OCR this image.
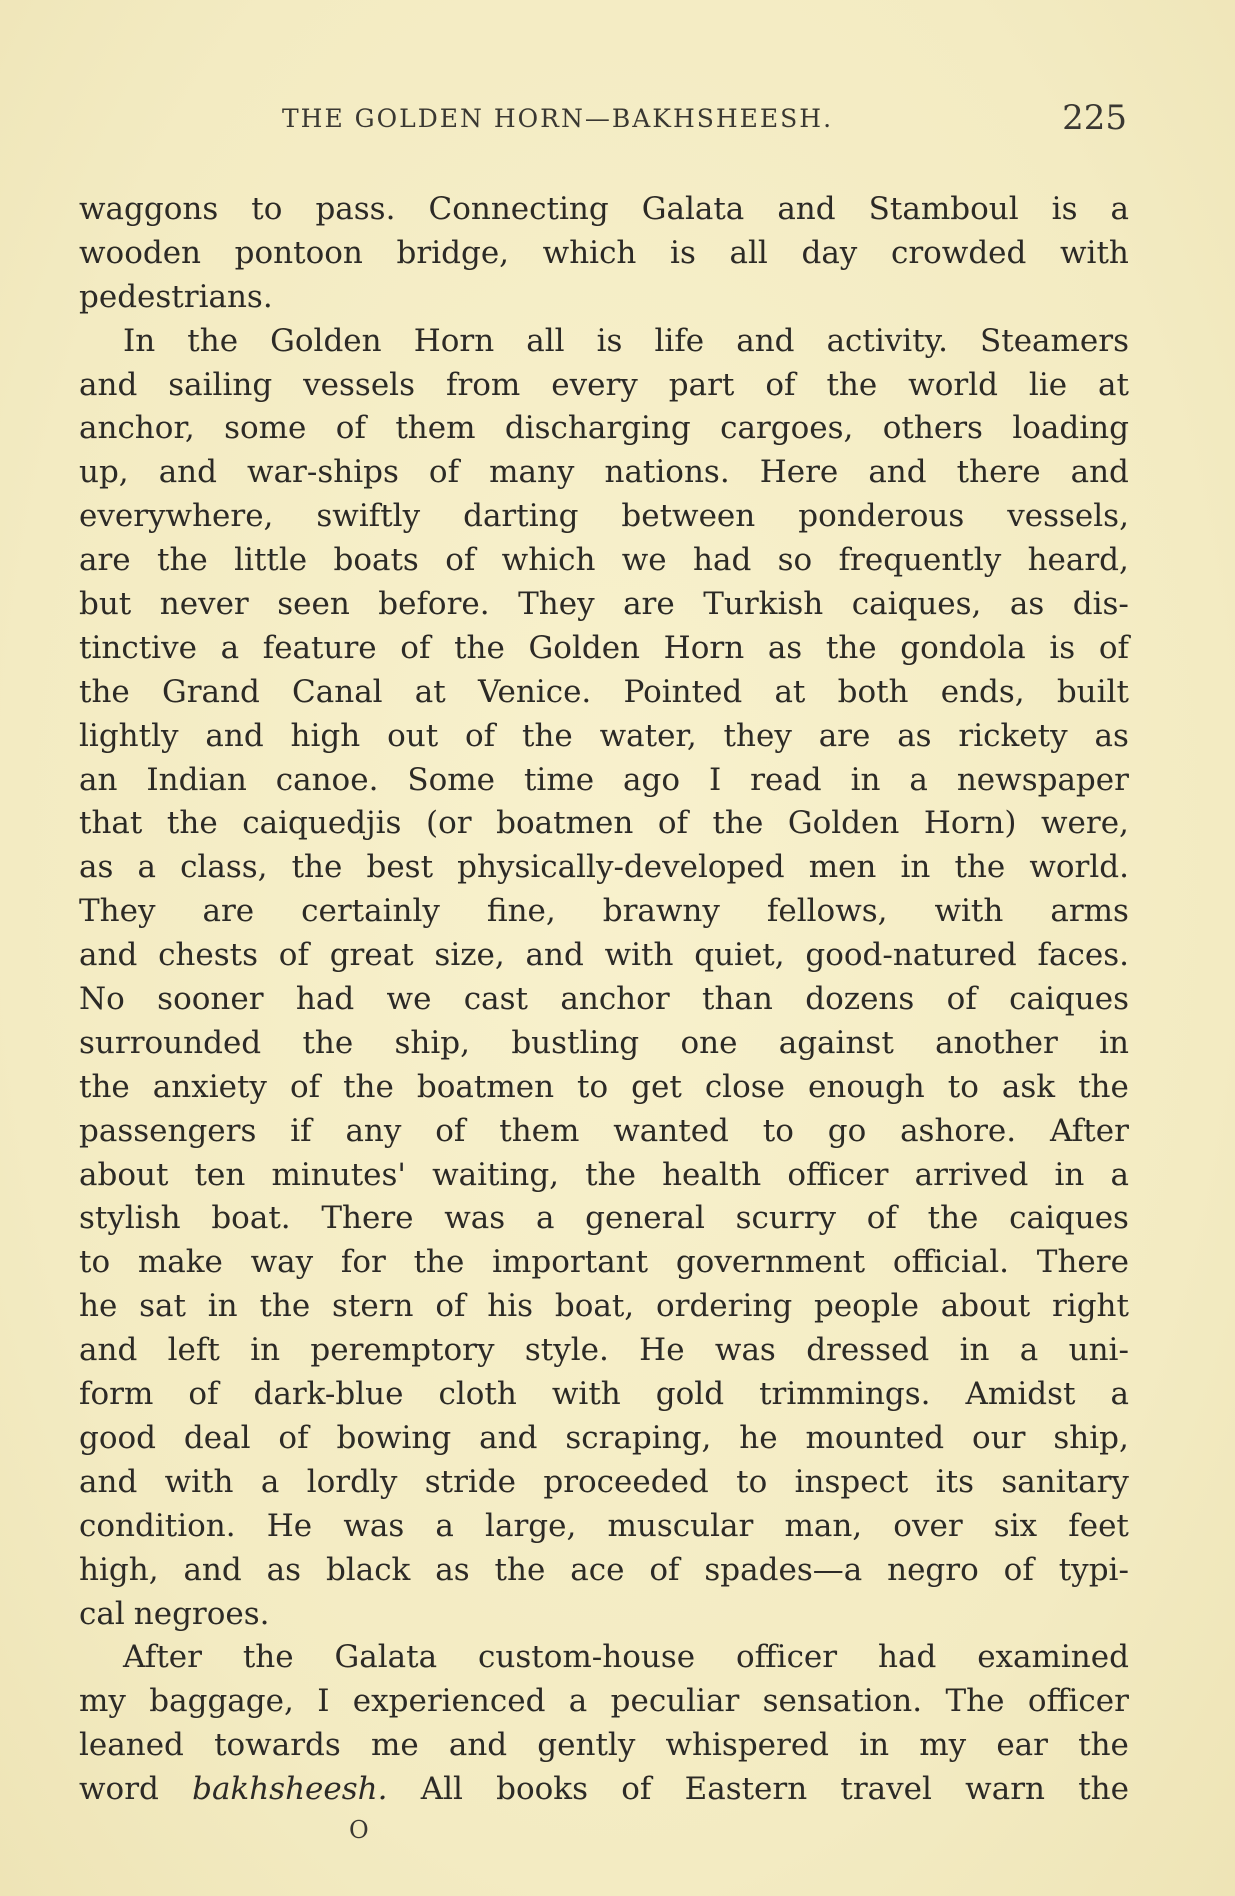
THE GOLDEN HORN—BAKHSHEESH.	225
waggons to pass. Connecting Galata and Stamboul is a
wooden pontoon bridge, which is all day crowded with
pedestrians.
In the Golden Horn all is life and activity. Steamers
and sailing vessels from every part of the world lie at
anchor, some of them discharging cargoes, others loading
up, and war-ships of many nations. Here and there and
everywhere, swiftly darting between ponderous vessels,
are the little boats of which we had so frequently heard,
but never seen before. They are Turkish caiques, as dis-
tinctive a feature of the Golden Horn as the gondola is of
the Grand Canal at Venice. Pointed at both ends, built
lightly and high out of the water, they are as rickety as
an Indian canoe. Some time ago I read in a newspaper
that the caiquedjis (or boatmen of the Golden Horn) were,
as a class, the best physically-developed men in the world.
They are certainly fine, brawny fellows, with arms
and chests of great size, and with quiet, good-natured faces.
No sooner had we cast anchor than dozens of caiques
surrounded the ship, bustling one against another in
the anxiety of the boatmen to get close enough to ask the
passengers if any of them wanted to go ashore. After
about ten minutes' waiting, the health officer arrived in a
stylish boat. There was a general scurry of the caiques
to make way for the important government official. There
he sat in the stern of his boat, ordering people about right
and left in peremptory style. He was dressed in a uni-
form of dark-blue cloth with gold trimmings. Amidst a
good deal of bowing and scraping, he mounted our ship,
and with a lordly stride proceeded to inspect its sanitary
condition. He was a large, muscular man, over six feet
high, and as black as the ace of spades—a negro of typi-
cal negroes.
After the Galata custom-house officer had examined
my baggage, I experienced a peculiar sensation. The officer
leaned towards me and gently whispered in my ear the
word bakhsheesh. All books of Eastern travel warn the
O
